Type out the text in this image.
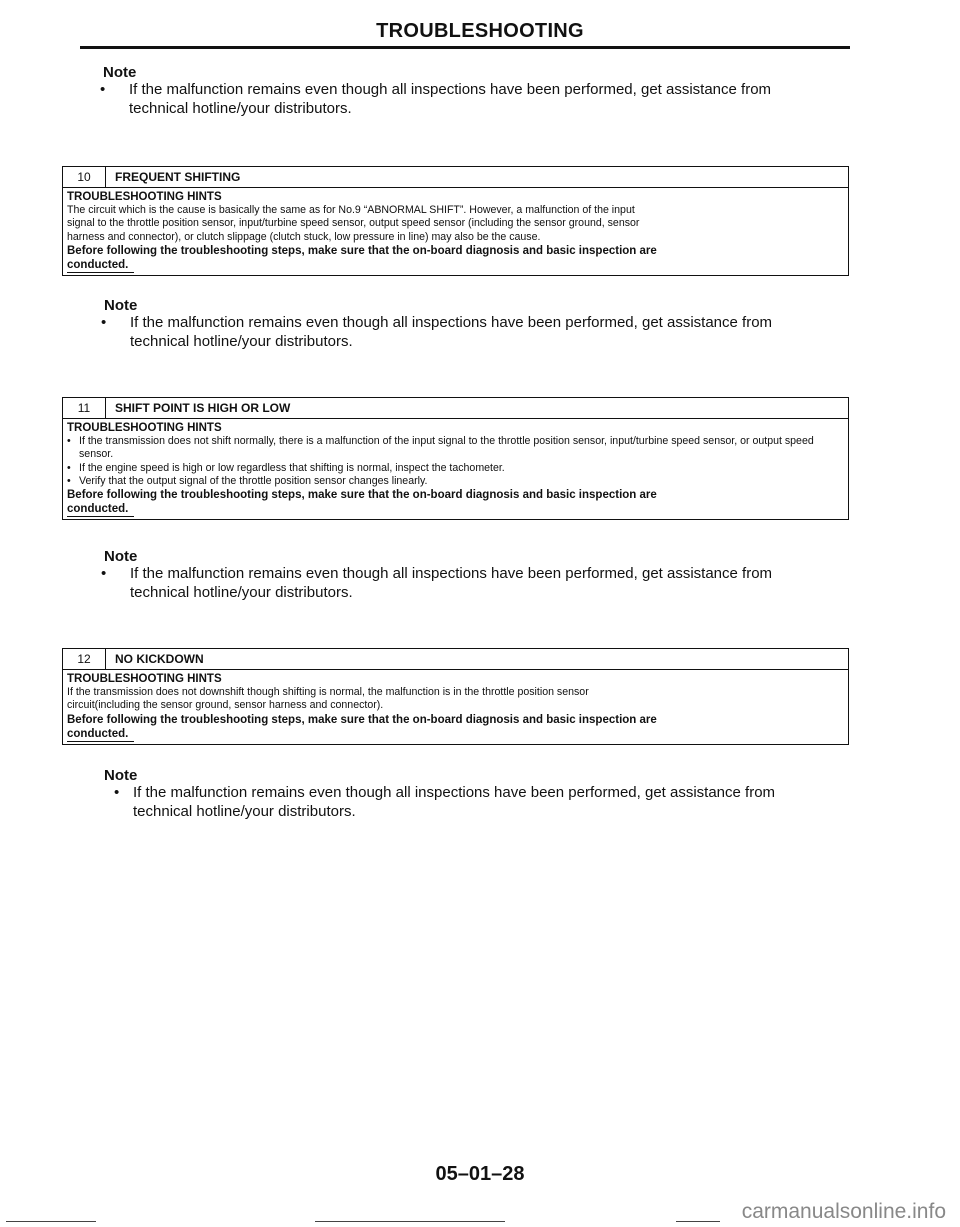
TROUBLESHOOTING
Note
• If the malfunction remains even though all inspections have been performed, get assistance from
technical hotline/your distributors.
10	FREQUENT SHIFTING
TROUBLESHOOTING HINTS
The circuit which is the cause is basically the same as for No.9 “ABNORMAL SHIFT”. However, a malfunction of the input
signal to the throttle position sensor, input/turbine speed sensor, output speed sensor (including the sensor ground, sensor
harness and connector), or clutch slippage (clutch stuck, low pressure in line) may also be the cause.
Before following the troubleshooting steps, make sure that the on-board diagnosis and basic inspection are
conducted.
Note
• If the malfunction remains even though all inspections have been performed, get assistance from
technical hotline/your distributors.
11	SHIFT POINT IS HIGH OR LOW
TROUBLESHOOTING HINTS
• If the transmission does not shift normally, there is a malfunction of the input signal to the throttle position sensor, input/turbine speed sensor, or output speed sensor.
• If the engine speed is high or low regardless that shifting is normal, inspect the tachometer.
• Verify that the output signal of the throttle position sensor changes linearly.
Before following the troubleshooting steps, make sure that the on-board diagnosis and basic inspection are
conducted.
Note
• If the malfunction remains even though all inspections have been performed, get assistance from
technical hotline/your distributors.
12	NO KICKDOWN
TROUBLESHOOTING HINTS
If the transmission does not downshift though shifting is normal, the malfunction is in the throttle position sensor
circuit(including the sensor ground, sensor harness and connector).
Before following the troubleshooting steps, make sure that the on-board diagnosis and basic inspection are
conducted.
Note
• If the malfunction remains even though all inspections have been performed, get assistance from
technical hotline/your distributors.
05–01–28
carmanualsonline.info
